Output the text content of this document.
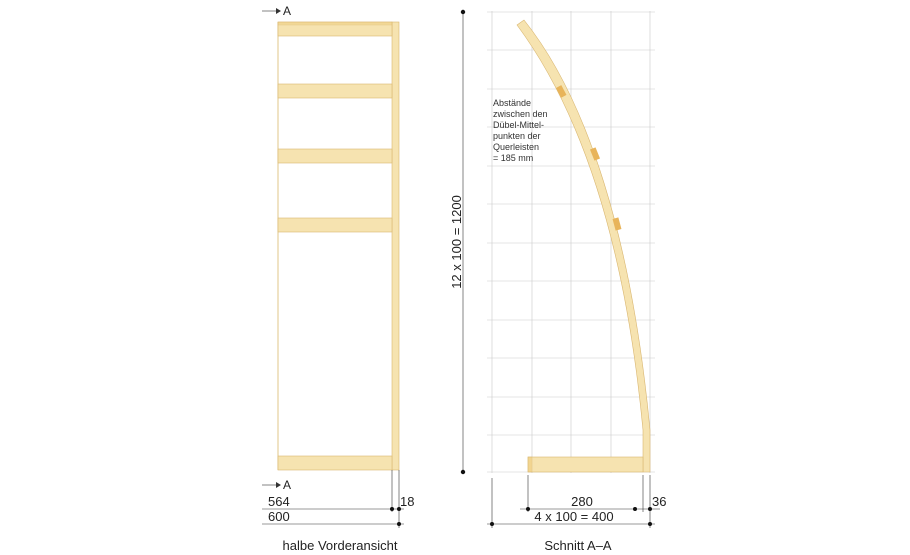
A
A
564	18
600
halbe Vorderansicht
12 x 100 = 1200
Abstände zwischen den Dübel-Mittel- punkten der Querleisten = 185 mm
280	36
4 x 100 = 400
Schnitt A–A
